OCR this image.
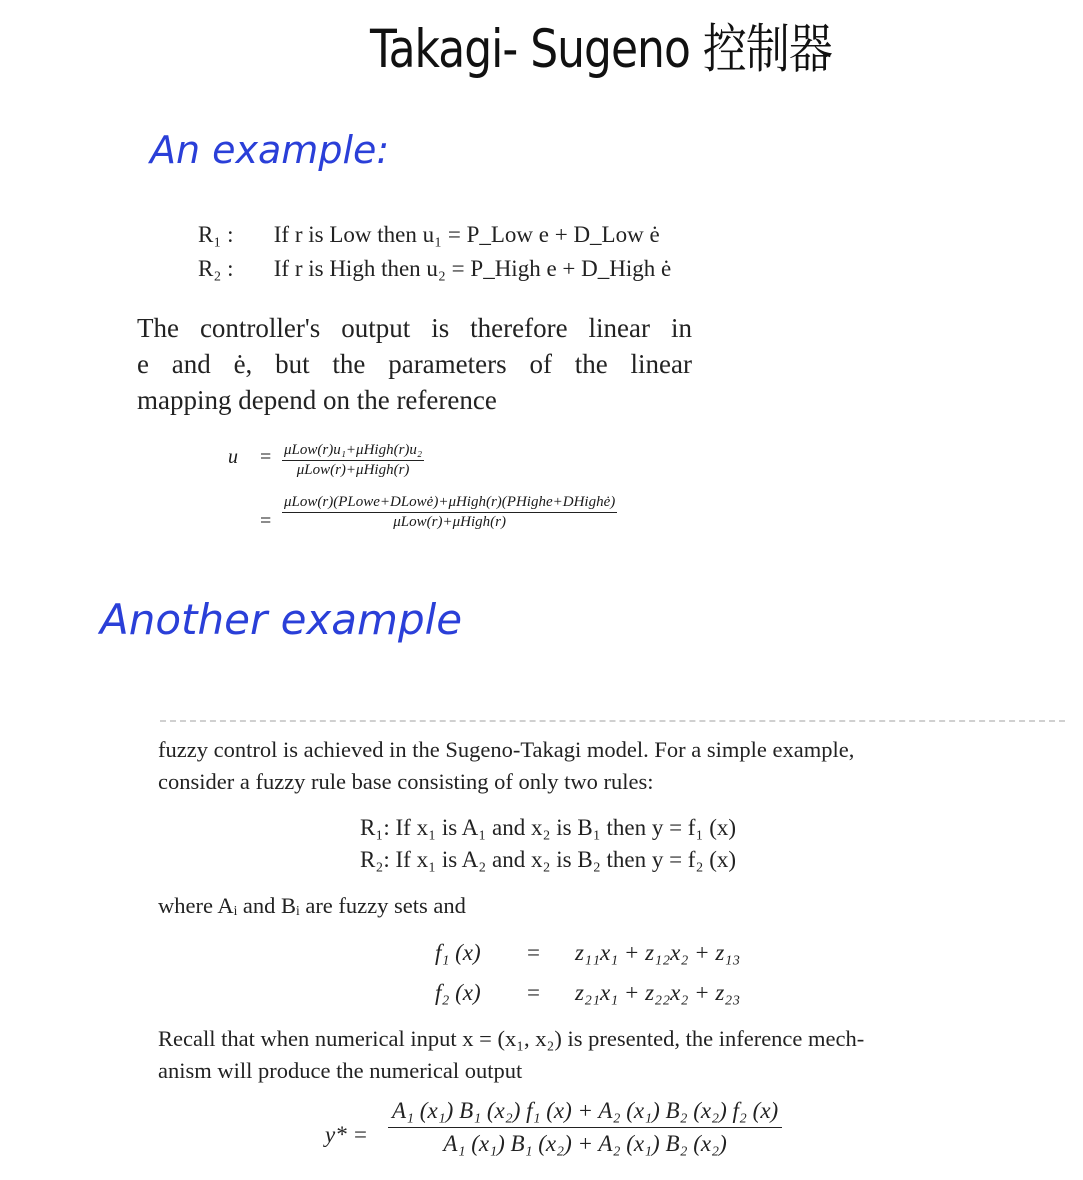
Takagi- Sugeno 控制器
An example:
Another example
R₁ : If r is Low then u₁ = P_Low e + D_Low ė
R₂ : If r is High then u₂ = P_High e + D_High ė
The controller's output is therefore linear in
e and ė, but the parameters of the linear
mapping depend on the reference
$u = \frac{\text{μLow(r)u₁+μHigh(r)u₂}}{\text{μLow(r)+μHigh(r)}}$
= $\frac{\text{μLow(r)(PLowe+DLowė)+μHigh(r)(PHighe+DHighė)}}{\text{μLow(r)+μHigh(r)}}$
fuzzy control is achieved in the Sugeno-Takagi model. For a simple example,
consider a fuzzy rule base consisting of only two rules:
R₁: If x₁ is A₁ and x₂ is B₁ then y = f₁ (x)
R₂: If x₁ is A₂ and x₂ is B₂ then y = f₂ (x)
where Aᵢ and Bᵢ are fuzzy sets and
f₁ (x) = z₁₁x₁ + z₁₂x₂ + z₁₃
f₂ (x) = z₂₁x₁ + z₂₂x₂ + z₂₃
Recall that when numerical input x = (x₁, x₂) is presented, the inference mech-
anism will produce the numerical output
$y* = \frac{\text{A₁ (x₁) B₁ (x₂) f₁ (x) + A₂ (x₁) B₂ (x₂) f₂ (x)}}{\text{A₁ (x₁) B₁ (x₂) + A₂ (x₁) B₂ (x₂)}}$
